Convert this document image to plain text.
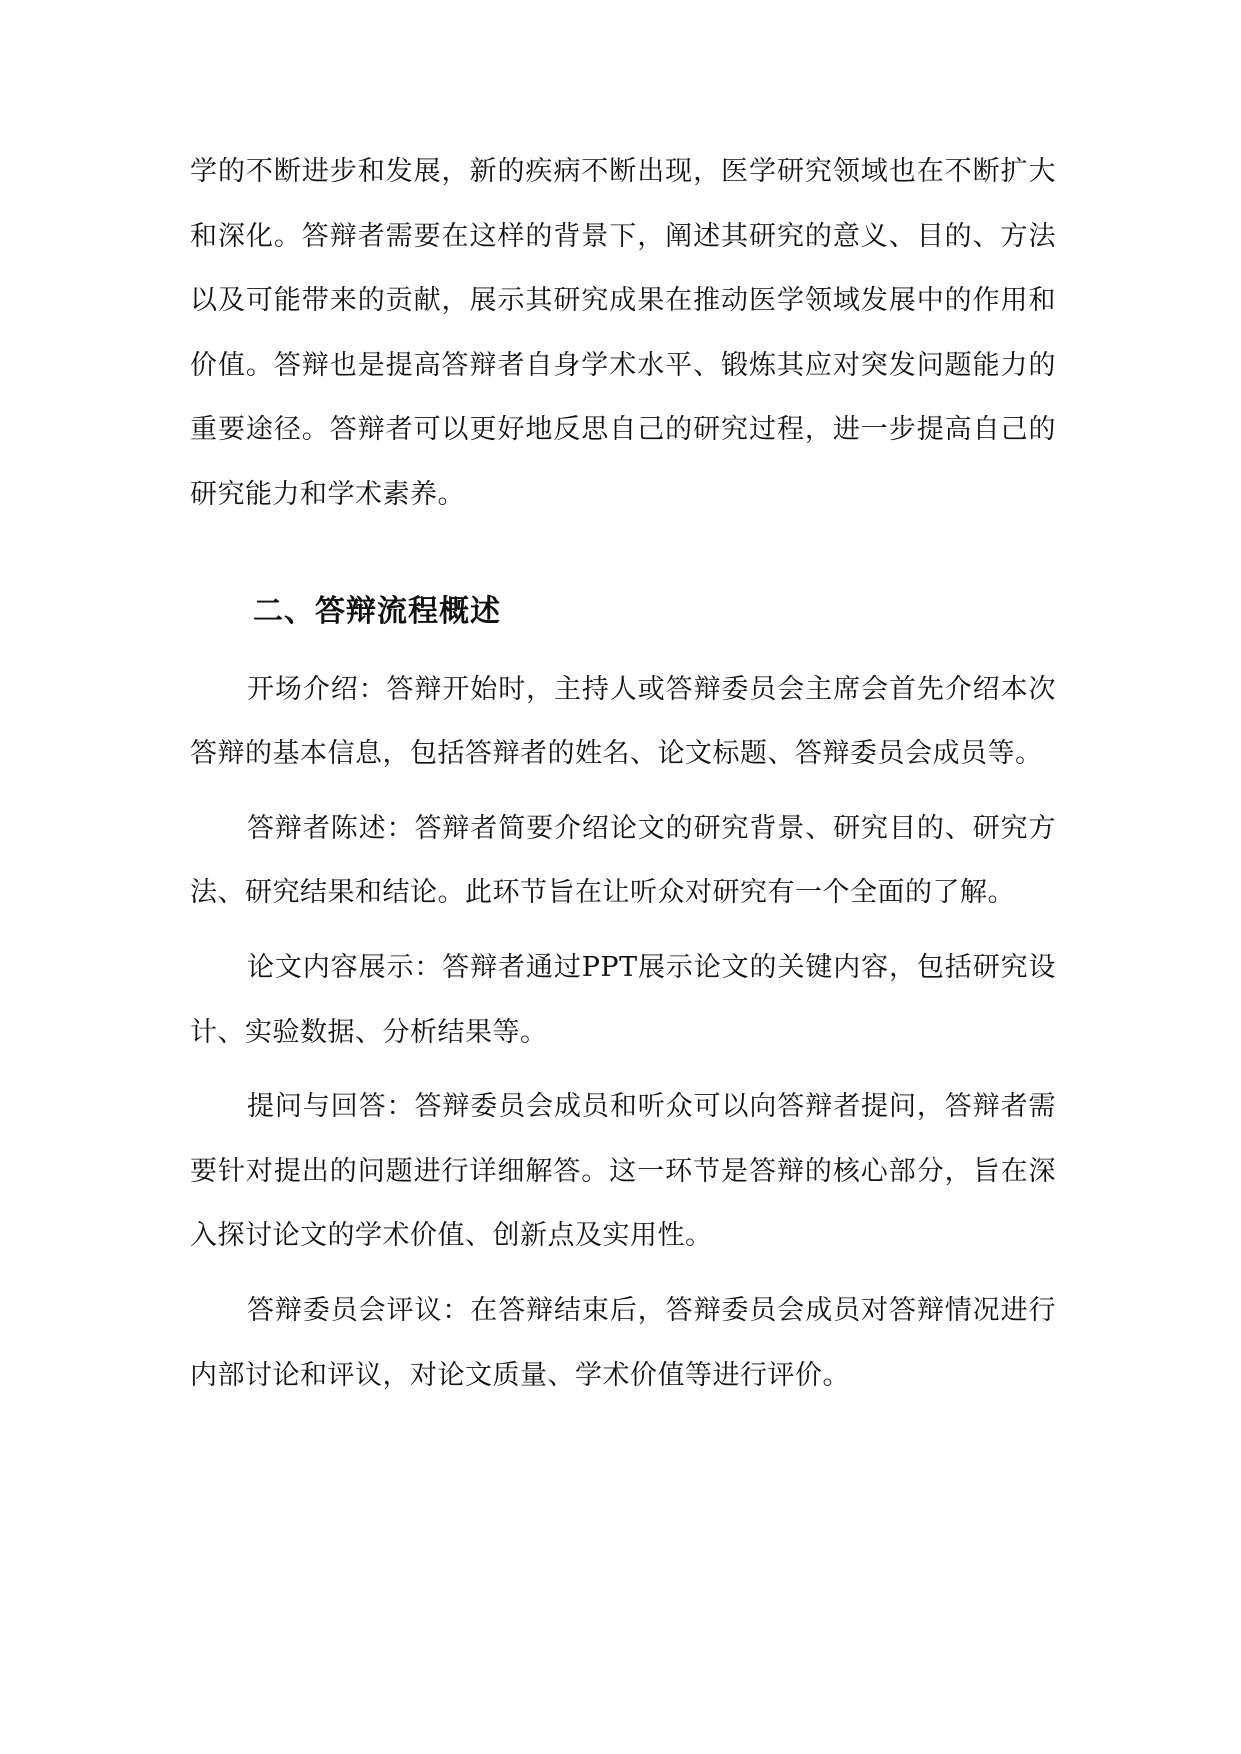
学的不断进步和发展，新的疾病不断出现，医学研究领域也在不断扩大和深化。答辩者需要在这样的背景下，阐述其研究的意义、目的、方法以及可能带来的贡献，展示其研究成果在推动医学领域发展中的作用和价值。答辩也是提高答辩者自身学术水平、锻炼其应对突发问题能力的重要途径。答辩者可以更好地反思自己的研究过程，进一步提高自己的研究能力和学术素养。

二、答辩流程概述

开场介绍：答辩开始时，主持人或答辩委员会主席会首先介绍本次答辩的基本信息，包括答辩者的姓名、论文标题、答辩委员会成员等。

答辩者陈述：答辩者简要介绍论文的研究背景、研究目的、研究方法、研究结果和结论。此环节旨在让听众对研究有一个全面的了解。

论文内容展示：答辩者通过PPT展示论文的关键内容，包括研究设计、实验数据、分析结果等。

提问与回答：答辩委员会成员和听众可以向答辩者提问，答辩者需要针对提出的问题进行详细解答。这一环节是答辩的核心部分，旨在深入探讨论文的学术价值、创新点及实用性。

答辩委员会评议：在答辩结束后，答辩委员会成员对答辩情况进行内部讨论和评议，对论文质量、学术价值等进行评价。
